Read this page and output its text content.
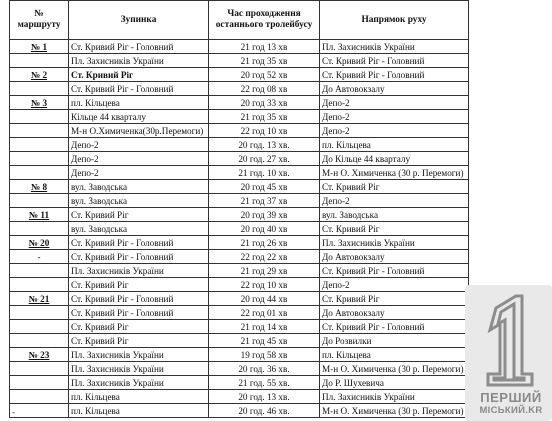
№ маршруту	Зупинка	Час проходження останнього тролейбусу	Напрямок руху
№ 1	Ст. Кривий Ріг - Головний	21 год 13 хв	Пл. Захисників України
	Пл. Захисників України	21 год 35 хв	Ст. Кривий Ріг - Головний
№ 2	Ст. Кривий Ріг	20 год 52 хв	Ст. Кривий Ріг - Головний
	Ст. Кривий Ріг - Головний	22 год 08 хв	До Автовокзалу
№ 3	пл. Кільцева	20 год 33 хв	Депо-2
	Кільце 44 кварталу	21 год 35 хв	Депо-2
	М-н О.Химиченка(30р.Перемоги)	22 год 10 хв	Депо-2
	Депо-2	20 год. 13 хв.	пл. Кільцева
	Депо-2	20 год. 27 хв.	До Кільце 44 кварталу
	Депо-2	21 год. 10 хв.	М-н О. Химиченка (30 р. Перемоги)
№ 8	вул. Заводська	20 год 45 хв	Ст. Кривий Ріг
	вул. Заводська	21 год 37 хв	Депо-2
№ 11	Ст. Кривий Ріг	20 год 39 хв	вул. Заводська
	вул. Заводська	20 год 40 хв	Ст. Кривий Ріг
№ 20	Ст. Кривий Ріг - Головний	21 год 26 хв	Пл. Захисників України
-	Ст. Кривий Ріг - Головний	22 год 22 хв	До Автовокзалу
	Пл. Захисників України	21 год 29 хв	Ст. Кривий Ріг - Головний
	Ст. Кривий Ріг	22 год 10 хв	Депо-2
№ 21	Ст. Кривий Ріг - Головний	20 год 44 хв	Ст. Кривий Ріг
	Ст. Кривий Ріг - Головний	22 год 01 хв	До Автовокзалу
	Ст. Кривий Ріг	21 год 14 хв	Ст. Кривий Ріг - Головний
	Ст. Кривий Ріг	21 год 45 хв	До Розвилки
№ 23	Пл. Захисників України	19 год 58 хв	пл. Кільцева
	Пл. Захисників України	20 год. 36 хв.	М-н О. Химиченка (30 р. Перемоги)
	Пл. Захисників України	21 год. 55 хв.	До Р. Шухевича
	пл. Кільцева	20 год. 13 хв.	Пл. Захисників України
	пл. Кільцева	20 год. 46 хв.	М-н О. Химиченка (30 р. Перемоги)
-
ПЕРШИЙ
МІСЬКИЙ.KR
